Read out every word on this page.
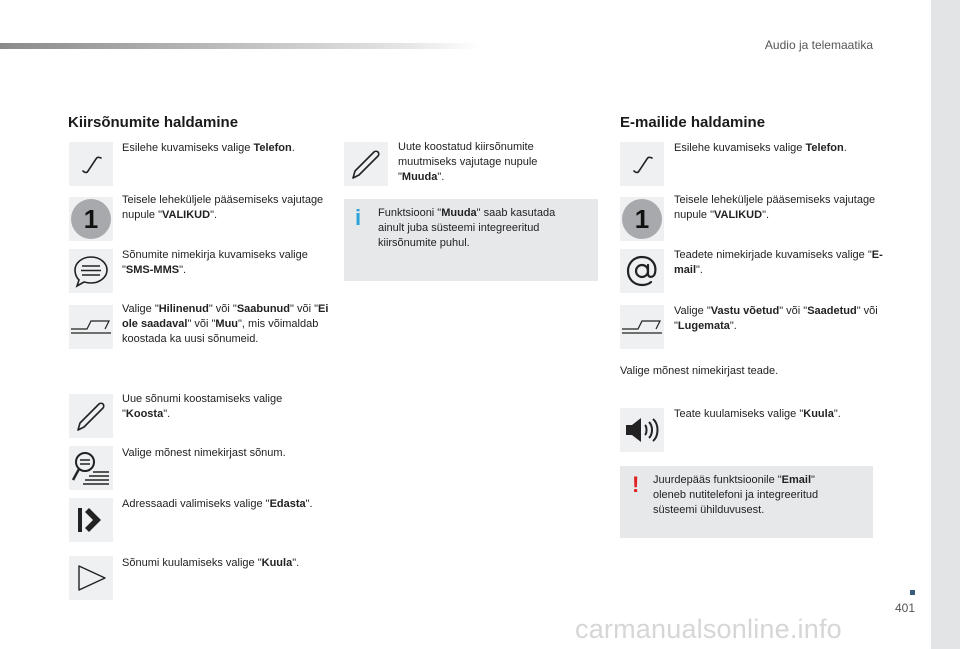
Audio ja telemaatika
Kiirsõnumite haldamine
Esilehe kuvamiseks valige Telefon.
1
Teisele leheküljele pääsemiseks vajutage nupule "VALIKUD".
Sõnumite nimekirja kuvamiseks valige "SMS-MMS".
Valige "Hilinenud" või "Saabunud" või "Ei ole saadaval" või "Muu", mis võimaldab koostada ka uusi sõnumeid.
Uue sõnumi koostamiseks valige "Koosta".
Valige mõnest nimekirjast sõnum.
Adressaadi valimiseks valige "Edasta".
Sõnumi kuulamiseks valige "Kuula".
Uute koostatud kiirsõnumite muutmiseks vajutage nupule "Muuda".
i Funktsiooni "Muuda" saab kasutada ainult juba süsteemi integreeritud kiirsõnumite puhul.
E-mailide haldamine
Esilehe kuvamiseks valige Telefon.
1
Teisele leheküljele pääsemiseks vajutage nupule "VALIKUD".
Teadete nimekirjade kuvamiseks valige "E-mail".
Valige "Vastu võetud" või "Saadetud" või "Lugemata".
Valige mõnest nimekirjast teade.
Teate kuulamiseks valige "Kuula".
! Juurdepääs funktsioonile "Email" oleneb nutitelefoni ja integreeritud süsteemi ühilduvusest.
401
carmanualsonline.info
